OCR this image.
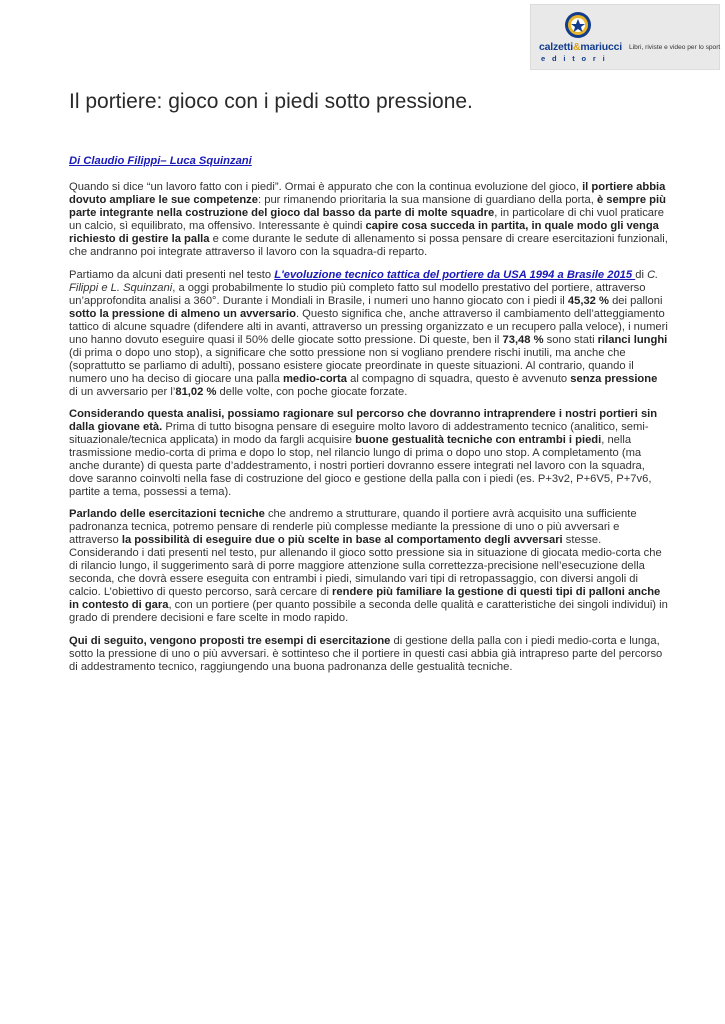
calzetti&mariucci
editori
Libri, riviste e video per lo sport
Il portiere: gioco con i piedi sotto pressione.
Di Claudio Filippi– Luca Squinzani
Quando si dice “un lavoro fatto con i piedi”. Ormai è appurato che con la continua evoluzione del gioco, il portiere abbia
dovuto ampliare le sue competenze: pur rimanendo prioritaria la sua mansione di guardiano della porta, è sempre più
parte integrante nella costruzione del gioco dal basso da parte di molte squadre, in particolare di chi vuol praticare
un calcio, sì equilibrato, ma offensivo. Interessante è quindi capire cosa succeda in partita, in quale modo gli venga
richiesto di gestire la palla e come durante le sedute di allenamento si possa pensare di creare esercitazioni funzionali,
che andranno poi integrate attraverso il lavoro con la squadra-di reparto.
Partiamo da alcuni dati presenti nel testo L'evoluzione tecnico tattica del portiere da USA 1994 a Brasile 2015 di C.
Filippi e L. Squinzani, a oggi probabilmente lo studio più completo fatto sul modello prestativo del portiere, attraverso
un’approfondita analisi a 360°. Durante i Mondiali in Brasile, i numeri uno hanno giocato con i piedi il 45,32 % dei palloni
sotto la pressione di almeno un avversario. Questo significa che, anche attraverso il cambiamento dell’atteggiamento
tattico di alcune squadre (difendere alti in avanti, attraverso un pressing organizzato e un recupero palla veloce), i numeri
uno hanno dovuto eseguire quasi il 50% delle giocate sotto pressione. Di queste, ben il 73,48 % sono stati rilanci lunghi
(di prima o dopo uno stop), a significare che sotto pressione non si vogliano prendere rischi inutili, ma anche che
(soprattutto se parliamo di adulti), possano esistere giocate preordinate in queste situazioni. Al contrario, quando il
numero uno ha deciso di giocare una palla medio-corta al compagno di squadra, questo è avvenuto senza pressione
di un avversario per l’81,02 % delle volte, con poche giocate forzate.
Considerando questa analisi, possiamo ragionare sul percorso che dovranno intraprendere i nostri portieri sin
dalla giovane età. Prima di tutto bisogna pensare di eseguire molto lavoro di addestramento tecnico (analitico, semi-
situazionale/tecnica applicata) in modo da fargli acquisire buone gestualità tecniche con entrambi i piedi, nella
trasmissione medio-corta di prima e dopo lo stop, nel rilancio lungo di prima o dopo uno stop. A completamento (ma
anche durante) di questa parte d’addestramento, i nostri portieri dovranno essere integrati nel lavoro con la squadra,
dove saranno coinvolti nella fase di costruzione del gioco e gestione della palla con i piedi (es. P+3v2, P+6V5, P+7v6,
partite a tema, possessi a tema).
Parlando delle esercitazioni tecniche che andremo a strutturare, quando il portiere avrà acquisito una sufficiente
padronanza tecnica, potremo pensare di renderle più complesse mediante la pressione di uno o più avversari e
attraverso la possibilità di eseguire due o più scelte in base al comportamento degli avversari stesse.
Considerando i dati presenti nel testo, pur allenando il gioco sotto pressione sia in situazione di giocata medio-corta che
di rilancio lungo, il suggerimento sarà di porre maggiore attenzione sulla correttezza-precisione nell’esecuzione della
seconda, che dovrà essere eseguita con entrambi i piedi, simulando vari tipi di retropassaggio, con diversi angoli di
calcio. L’obiettivo di questo percorso, sarà cercare di rendere più familiare la gestione di questi tipi di palloni anche
in contesto di gara, con un portiere (per quanto possibile a seconda delle qualità e caratteristiche dei singoli individui) in
grado di prendere decisioni e fare scelte in modo rapido.
Qui di seguito, vengono proposti tre esempi di esercitazione di gestione della palla con i piedi medio-corta e lunga,
sotto la pressione di uno o più avversari. è sottinteso che il portiere in questi casi abbia già intrapreso parte del percorso
di addestramento tecnico, raggiungendo una buona padronanza delle gestualità tecniche.
